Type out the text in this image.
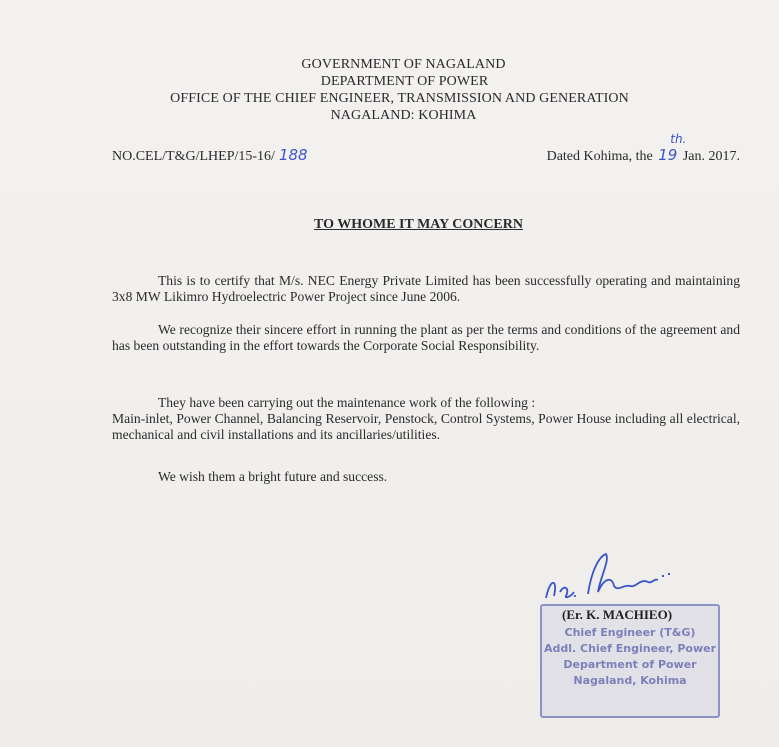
GOVERNMENT OF NAGALAND
DEPARTMENT OF POWER
OFFICE OF THE CHIEF ENGINEER, TRANSMISSION AND GENERATION
NAGALAND: KOHIMA
NO.CEL/T&G/LHEP/15-16/ 188	Dated Kohima, the 19
th.
Jan. 2017.
TO WHOME IT MAY CONCERN
This is to certify that M/s. NEC Energy Private Limited has been successfully operating and maintaining 3x8 MW Likimro Hydroelectric Power Project since June 2006.
We recognize their sincere effort in running the plant as per the terms and conditions of the agreement and has been outstanding in the effort towards the Corporate Social Responsibility.
They have been carrying out the maintenance work of the following :
Main-inlet, Power Channel, Balancing Reservoir, Penstock, Control Systems, Power House including all electrical, mechanical and civil installations and its ancillaries/utilities.
We wish them a bright future and success.
Chief Engineer (T&G)
Addl. Chief Engineer, Power
Department of Power
Nagaland, Kohima
(Er. K. MACHIEO)
